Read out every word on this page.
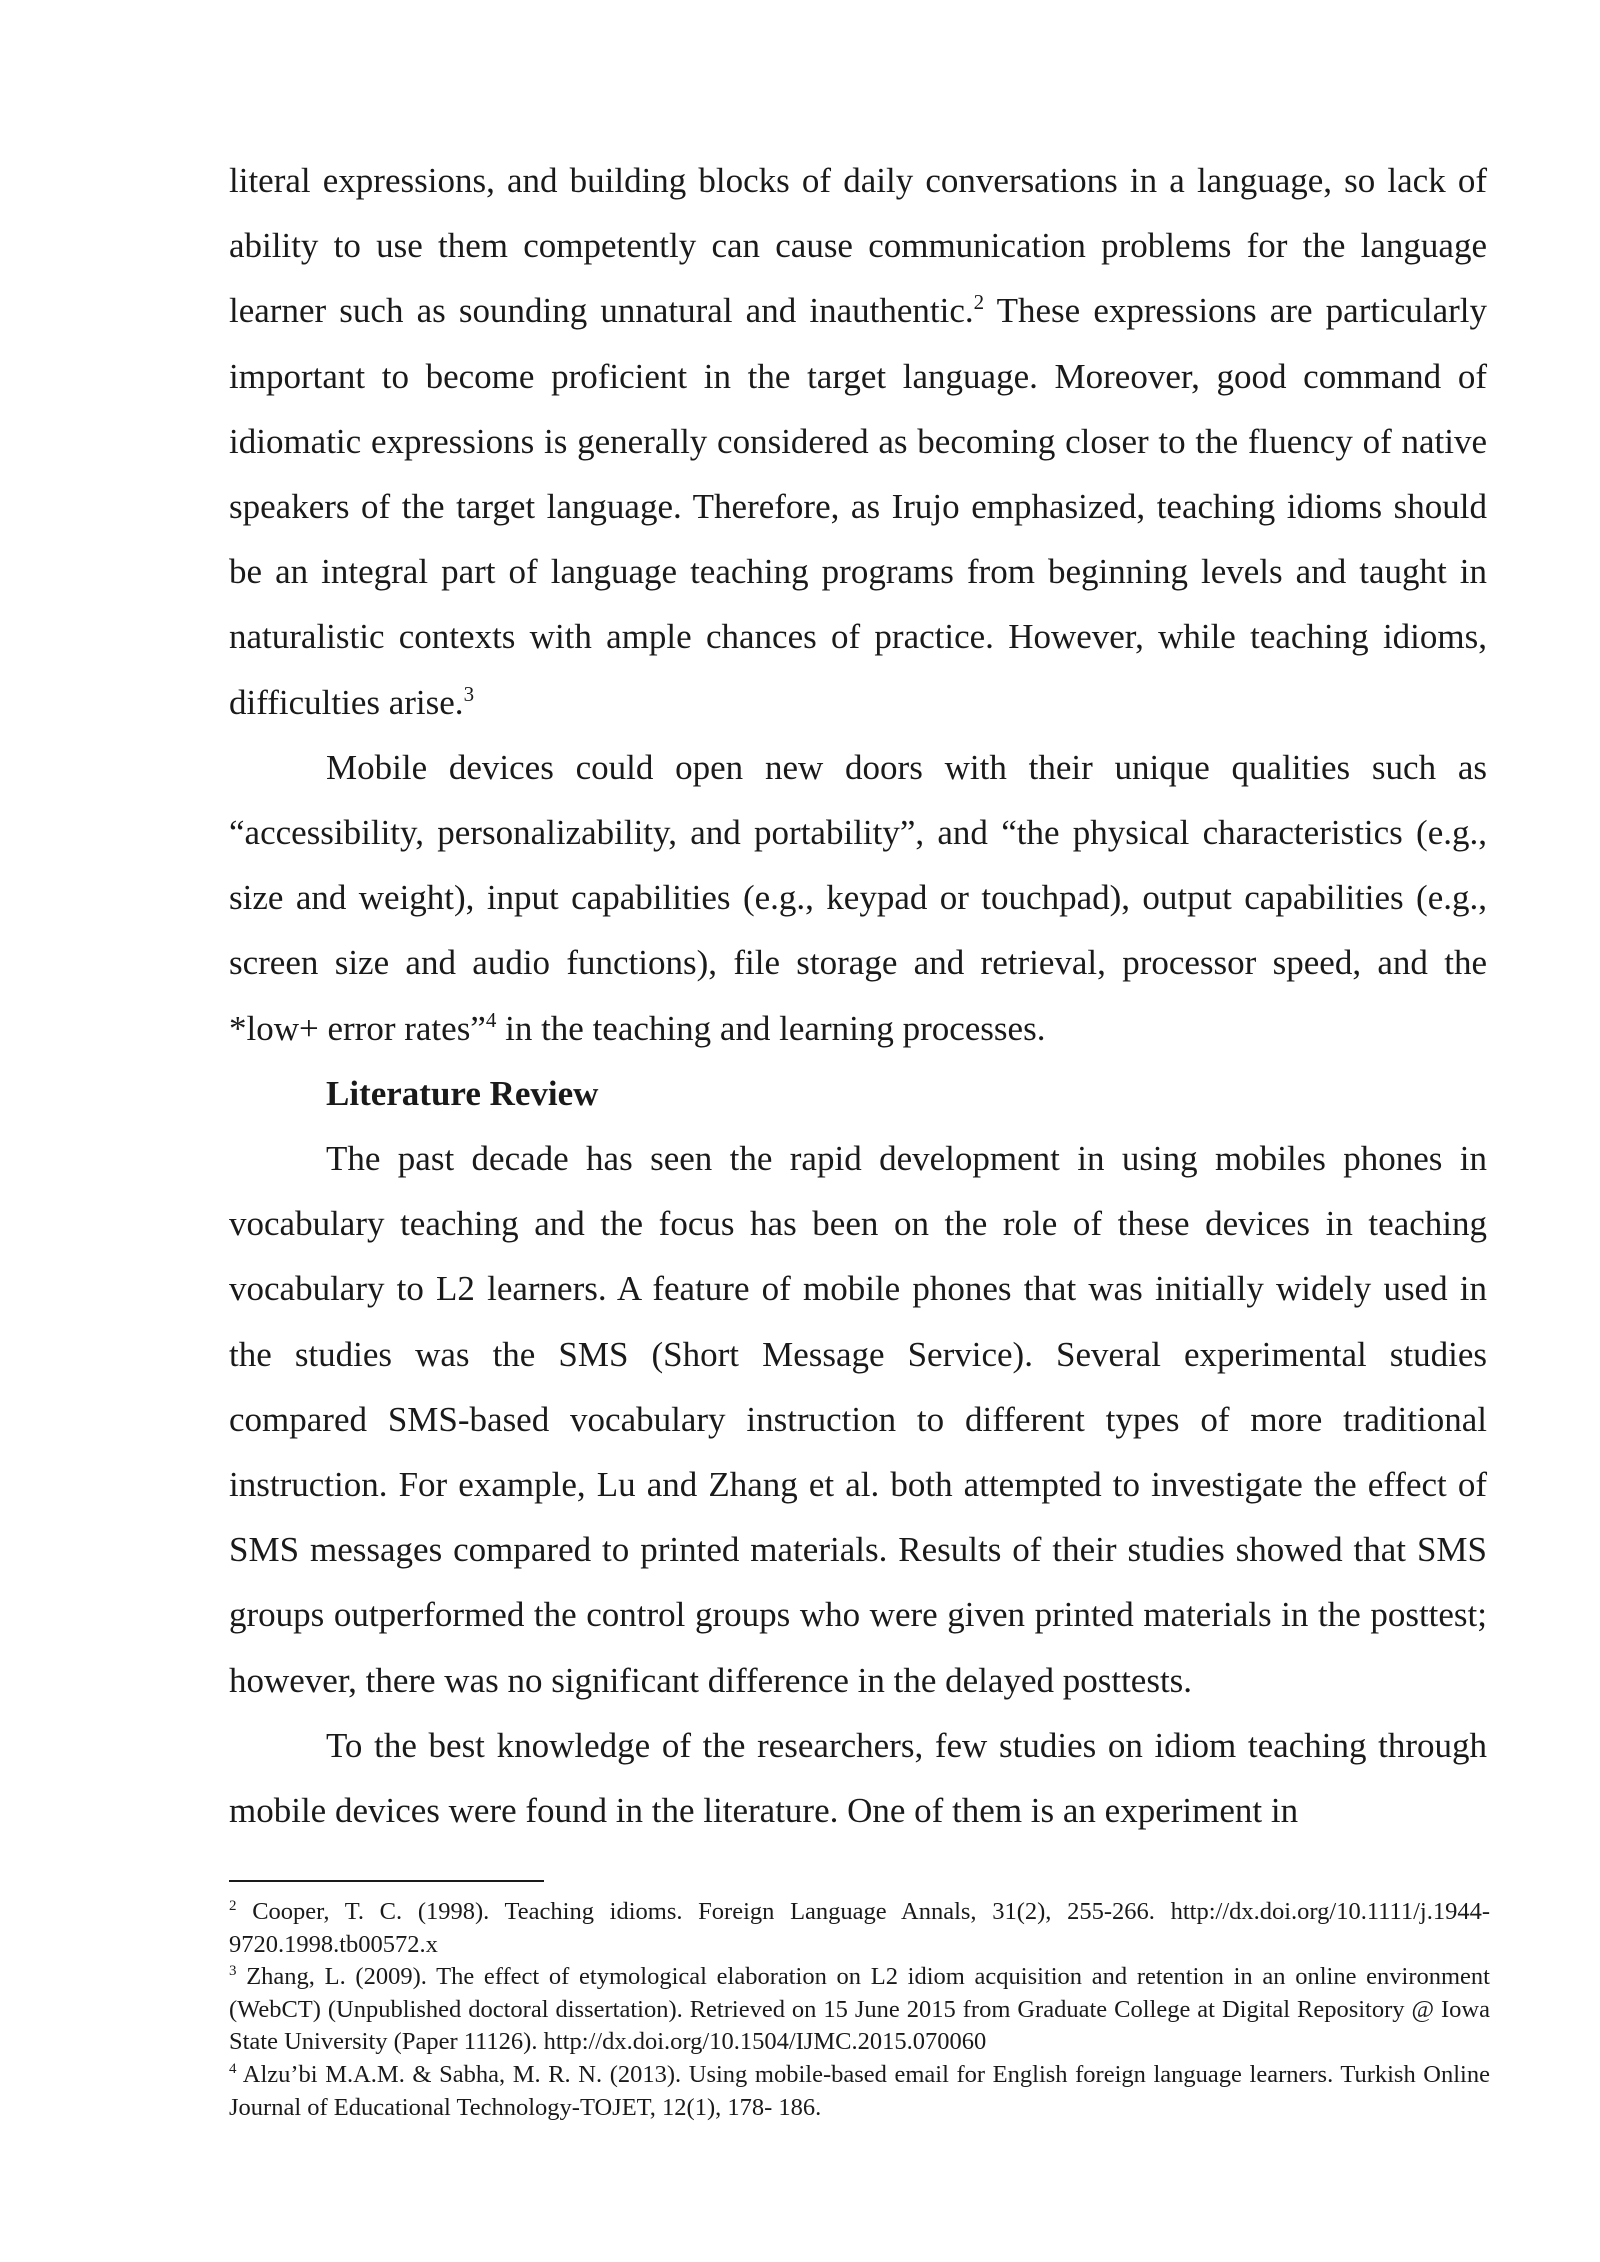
literal expressions, and building blocks of daily conversations in a language, so lack of ability to use them competently can cause communication problems for the language learner such as sounding unnatural and inauthentic.$^2$ These expressions are particularly important to become proficient in the target language. Moreover, good command of idiomatic expressions is generally considered as becoming closer to the fluency of native speakers of the target language. Therefore, as Irujo emphasized, teaching idioms should be an integral part of language teaching programs from beginning levels and taught in naturalistic contexts with ample chances of practice. However, while teaching idioms, difficulties arise.$^3$

Mobile devices could open new doors with their unique qualities such as “accessibility, personalizability, and portability”, and “the physical characteristics (e.g., size and weight), input capabilities (e.g., keypad or touchpad), output capabilities (e.g., screen size and audio functions), file storage and retrieval, processor speed, and the *low+ error rates”$^4$ in the teaching and learning processes.

Literature Review

The past decade has seen the rapid development in using mobiles phones in vocabulary teaching and the focus has been on the role of these devices in teaching vocabulary to L2 learners. A feature of mobile phones that was initially widely used in the studies was the SMS (Short Message Service). Several experimental studies compared SMS-based vocabulary instruction to different types of more traditional instruction. For example, Lu and Zhang et al. both attempted to investigate the effect of SMS messages compared to printed materials. Results of their studies showed that SMS groups outperformed the control groups who were given printed materials in the posttest; however, there was no significant difference in the delayed posttests.

To the best knowledge of the researchers, few studies on idiom teaching through mobile devices were found in the literature. One of them is an experiment in

$^2$ Cooper, T. C. (1998). Teaching idioms. Foreign Language Annals, 31(2), 255-266. http://dx.doi.org/10.1111/j.1944-9720.1998.tb00572.x

$^3$ Zhang, L. (2009). The effect of etymological elaboration on L2 idiom acquisition and retention in an online environment (WebCT) (Unpublished doctoral dissertation). Retrieved on 15 June 2015 from Graduate College at Digital Repository @ Iowa State University (Paper 11126). http://dx.doi.org/10.1504/IJMC.2015.070060

$^4$ Alzu’bi M.A.M. & Sabha, M. R. N. (2013). Using mobile-based email for English foreign language learners. Turkish Online Journal of Educational Technology-TOJET, 12(1), 178- 186.
